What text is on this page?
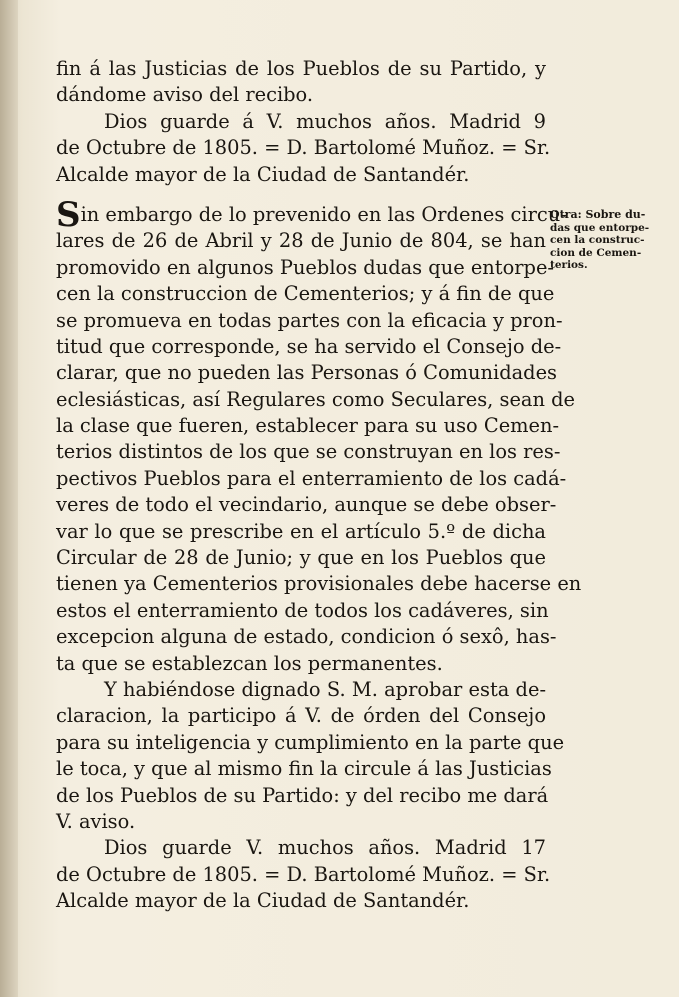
fin á las Justicias de los Pueblos de su Partido, y
dándome aviso del recibo.
Dios guarde á V. muchos años. Madrid 9
de Octubre de 1805. = D. Bartolomé Muñoz. = Sr.
Alcalde mayor de la Ciudad de Santandér.
Sin embargo de lo prevenido en las Ordenes circu-
lares de 26 de Abril y 28 de Junio de 804, se han
promovido en algunos Pueblos dudas que entorpe-
cen la construccion de Cementerios; y á fin de que
se promueva en todas partes con la eficacia y pron-
titud que corresponde, se ha servido el Consejo de-
clarar, que no pueden las Personas ó Comunidades
eclesiásticas, así Regulares como Seculares, sean de
la clase que fueren, establecer para su uso Cemen-
terios distintos de los que se construyan en los res-
pectivos Pueblos para el enterramiento de los cadá-
veres de todo el vecindario, aunque se debe obser-
var lo que se prescribe en el artículo 5.º de dicha
Circular de 28 de Junio; y que en los Pueblos que
tienen ya Cementerios provisionales debe hacerse en
estos el enterramiento de todos los cadáveres, sin
excepcion alguna de estado, condicion ó sexô, has-
ta que se establezcan los permanentes.
Y habiéndose dignado S. M. aprobar esta de-
claracion, la participo á V. de órden del Consejo
para su inteligencia y cumplimiento en la parte que
le toca, y que al mismo fin la circule á las Justicias
de los Pueblos de su Partido: y del recibo me dará
V. aviso.
Dios guarde V. muchos años. Madrid 17
de Octubre de 1805. = D. Bartolomé Muñoz. = Sr.
Alcalde mayor de la Ciudad de Santandér.
Otra: Sobre du-
das que entorpe-
cen la construc-
cion de Cemen-
terios.
